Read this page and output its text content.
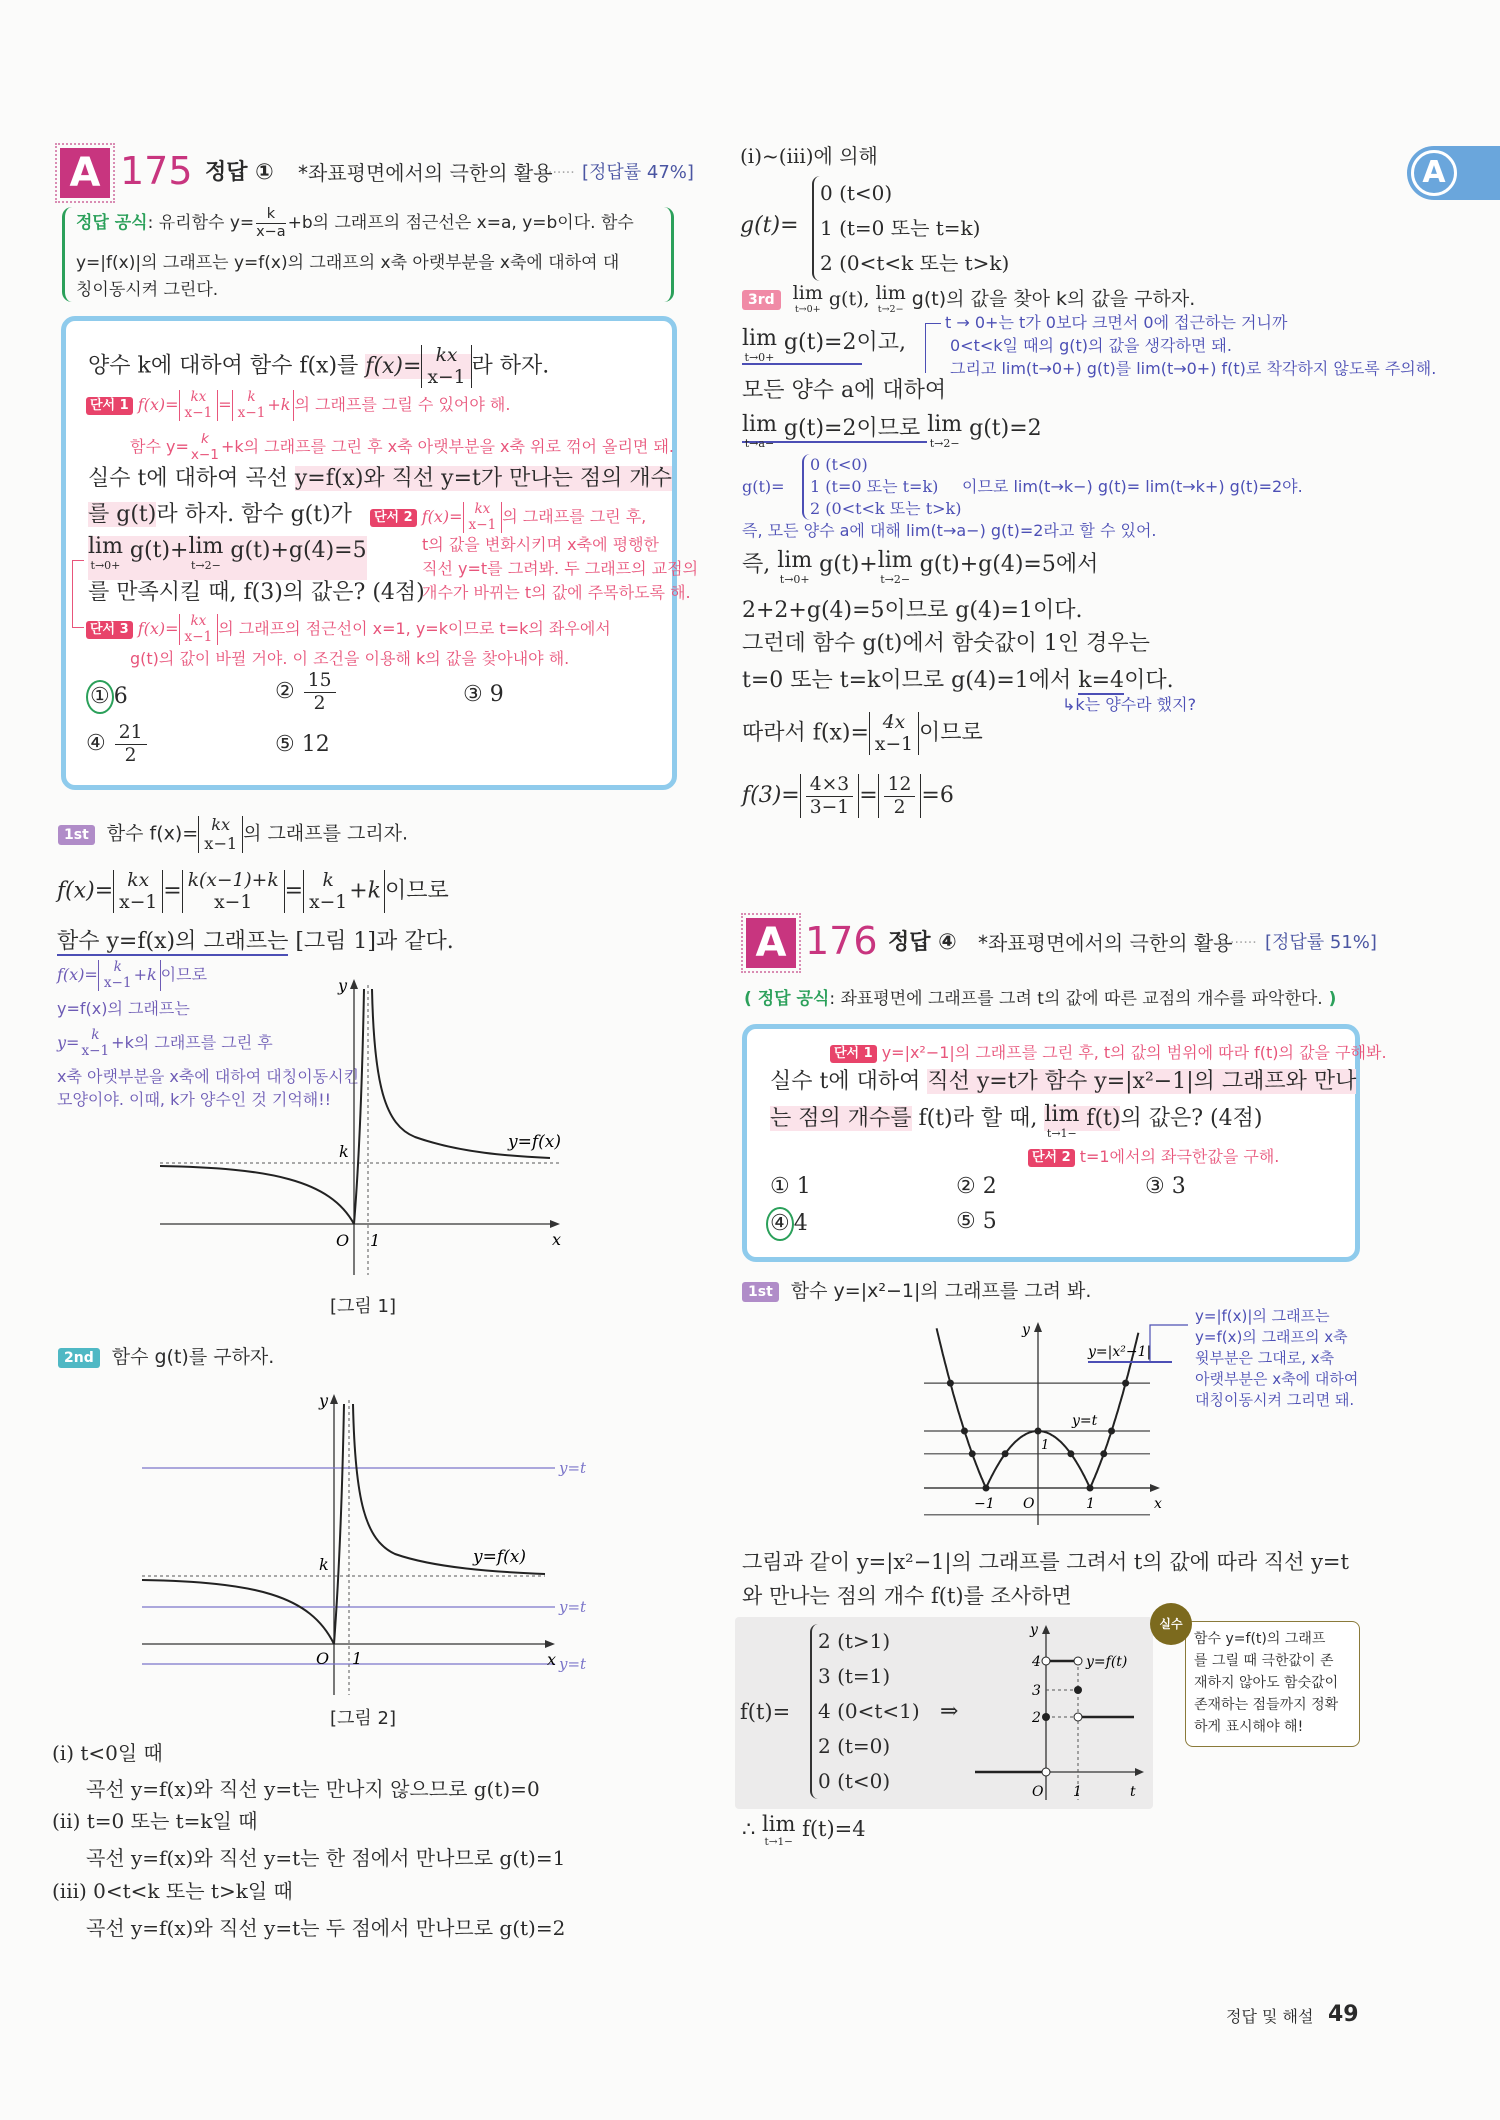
A 175 정답 ① *좌표평면에서의 극한의 활용
······ [정답률 47%]
정답 공식: 유리함수 $y= \frac{k}{x-a} +b$의 그래프의 점근선은 x=a, y=b이다. 함수
y=|f(x)|의 그래프는 y=f(x)의 그래프의 x축 아랫부분을 x축에 대하여 대
칭이동시켜 그린다.
양수 k에 대하여 함수 f(x)를 f(x)= kx
x−1 라 하자.
단서 1 f(x)= kx
x−1 =	k
x−1 +k 의 그래프를 그릴 수 있어야 해.
함수 y= k
x−1 +k의 그래프를 그린 후 x축 아랫부분을 x축 위로 꺾어 올리면 돼.
실수 t에 대하여 곡선 y=f(x)와 직선 y=t가 만나는 점의 개수
를 g(t)라 하자. 함수 g(t)가
lim
t→0+
g(t)+ lim
t→2−
g(t)+g(4)=5
를 만족시킬 때, f(3)의 값은? (4점)
단서 2 f(x)= kx
x−1 의 그래프를 그린 후,
t의 값을 변화시키며 x축에 평행한
직선 y=t를 그려봐. 두 그래프의 교점의
개수가 바뀌는 t의 값에 주목하도록 해.
단서 3 f(x)= kx
x−1 의 그래프의 점근선이 x=1, y=k이므로 t=k의 좌우에서
g(t)의 값이 바뀔 거야. 이 조건을 이용해 k의 값을 찾아내야 해.
① 6	② $\frac{15}{2}$	③ 9
④ $\frac{21}{2}$	⑤ 12
1st 함수 f(x)= kx
x−1 의 그래프를 그리자.
f(x)= kx
x−1 = k(x−1)+k
x−1	=	k
x−1 +k 이므로
함수 y=f(x)의 그래프는 [그림 1]과 같다.
f(x)=	k
x−1 +k 이므로
y=f(x)의 그래프는
y= k
x−1 +k의 그래프를 그린 후
x축 아랫부분을 x축에 대하여 대칭이동시킨
모양이야. 이때, k가 양수인 것 기억해!!
y
x
O 1
k	y=f(x)
[그림 1]
2nd 함수 g(t)를 구하자.
y
x
O 1
k	y=f(x)
y=t
y=t
y=t
[그림 2]
(i) t<0일 때
곡선 y=f(x)와 직선 y=t는 만나지 않으므로 g(t)=0
(ii) t=0 또는 t=k일 때
곡선 y=f(x)와 직선 y=t는 한 점에서 만나므로 g(t)=1
(iii) 0<t<k 또는 t>k일 때
곡선 y=f(x)와 직선 y=t는 두 점에서 만나므로 g(t)=2
(i)~(iii)에 의해
g(t)=
0 (t<0)
1 (t=0 또는 t=k)
2 (0<t<k 또는 t>k)
3rd lim
t→0+ g(t), lim
t→2− g(t)의 값을 찾아 k의 값을 구하자.
lim
t→0+
g(t)=2이고,
t → 0+는 t가 0보다 크면서 0에 접근하는 거니까
0<t<k일 때의 g(t)의 값을 생각하면 돼.
그리고 lim(t→0+) g(t)를 lim(t→0+) f(t)로 착각하지 않도록 주의해.
모든 양수 a에 대하여
lim
t→a−
g(t)=2이므로 lim
t→2−
g(t)=2
g(t)=
0 (t<0)
1 (t=0 또는 t=k)
2 (0<t<k 또는 t>k)
이므로 lim(t→k−) g(t)= lim(t→k+) g(t)=2야.
즉, 모든 양수 a에 대해 lim(t→a−) g(t)=2라고 할 수 있어.
즉, lim
t→0+
g(t)+ lim
t→2−
g(t)+g(4)=5에서
2+2+g(4)=5이므로 g(4)=1이다.
그런데 함수 g(t)에서 함숫값이 1인 경우는
t=0 또는 t=k이므로 g(4)=1에서 k=4이다.
↳k는 양수라 했지?
따라서 f(x)= 4x
x−1 이므로
$f(3)= \frac{4\times 3}{3-1} = \frac{12}{2} =6$
A 176 정답 ④ *좌표평면에서의 극한의 활용
······ [정답률 51%]
( 정답 공식: 좌표평면에 그래프를 그려 t의 값에 따른 교점의 개수를 파악한다. )
단서 1 y=|x²−1|의 그래프를 그린 후, t의 값의 범위에 따라 f(t)의 값을 구해봐.
실수 t에 대하여 직선 y=t가 함수 y=|x²−1|의 그래프와 만나
는 점의 개수를 f(t)라 할 때, lim
t→1−
f(t)의 값은? (4점)
단서 2 t=1에서의 좌극한값을 구해.
① 1	② 2	③ 3
④ 4	⑤ 5
1st 함수 y=|x²−1|의 그래프를 그려 봐.
y
x
O
−1	1
1
y=t
y=|x²−1|
y=|f(x)|의 그래프는
y=f(x)의 그래프의 x축
윗부분은 그대로, x축
아랫부분은 x축에 대하여
대칭이동시켜 그리면 돼.
그림과 같이 y=|x²−1|의 그래프를 그려서 t의 값에 따라 직선 y=t
와 만나는 점의 개수 f(t)를 조사하면
f(t)=
2 (t>1)
3 (t=1)
4 (0<t<1)
2 (t=0)
0 (t<0)
⇒
y
t
O 1
4
3
2
y=f(t)
실수
함수 y=f(t)의 그래프
를 그릴 때 극한값이 존
재하지 않아도 함숫값이
존재하는 점들까지 정확
하게 표시해야 해!
∴ lim
t→1−
f(t)=4
A
정답 및 해설 49
